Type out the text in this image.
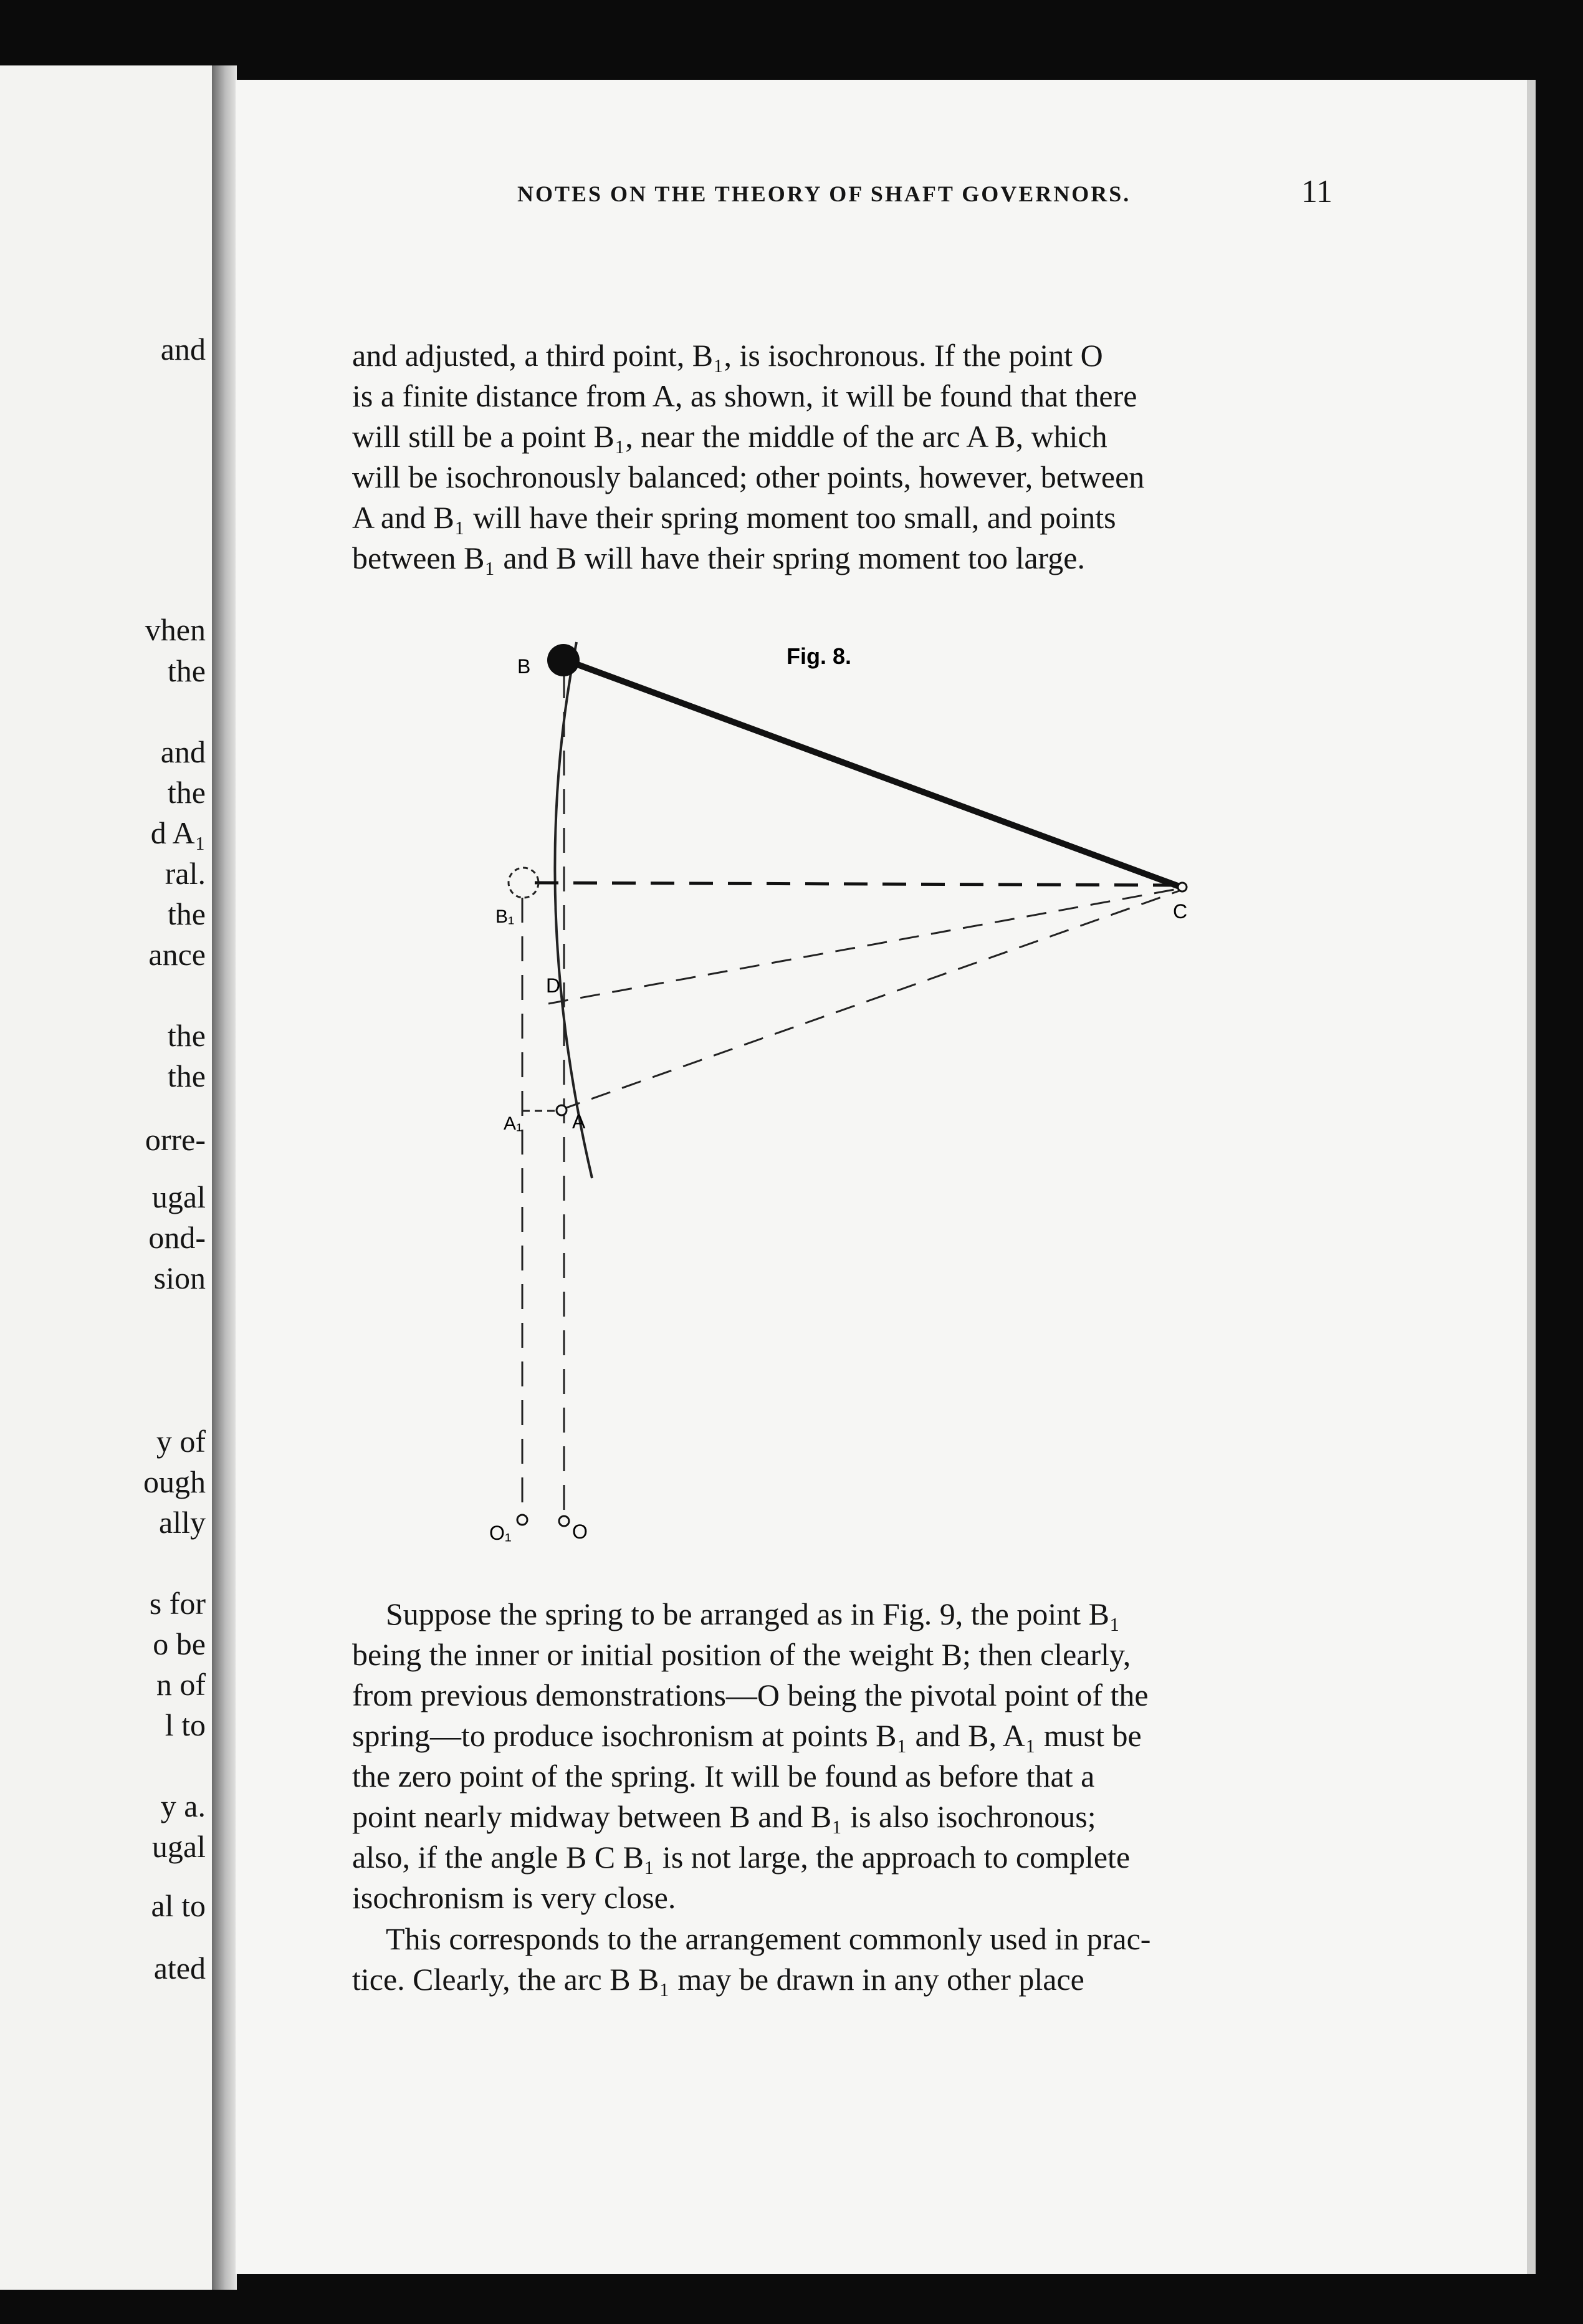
and
vhen
the
and
the
d A₁
ral.
the
ance
the
the
orre-
ugal
ond-
sion
y of
ough
ally
s for
o be
n of
l to
y a.
ugal
al to
ated
NOTES ON THE THEORY OF SHAFT GOVERNORS.	11

and adjusted, a third point, B₁, is isochronous. If the point O

is a finite distance from A, as shown, it will be found that there

will still be a point B₁, near the middle of the arc A B, which

will be isochronously balanced; other points, however, between

A and B₁ will have their spring moment too small, and points

between B₁ and B will have their spring moment too large.

Fig. 8.
B
B₁	C
D
A₁ A
O₁	O

Suppose the spring to be arranged as in Fig. 9, the point B₁

being the inner or initial position of the weight B; then clearly,

from previous demonstrations—O being the pivotal point of the

spring—to produce isochronism at points B₁ and B, A₁ must be

the zero point of the spring. It will be found as before that a

point nearly midway between B and B₁ is also isochronous;

also, if the angle B C B₁ is not large, the approach to complete

isochronism is very close.

This corresponds to the arrangement commonly used in prac-

tice. Clearly, the arc B B₁ may be drawn in any other place
